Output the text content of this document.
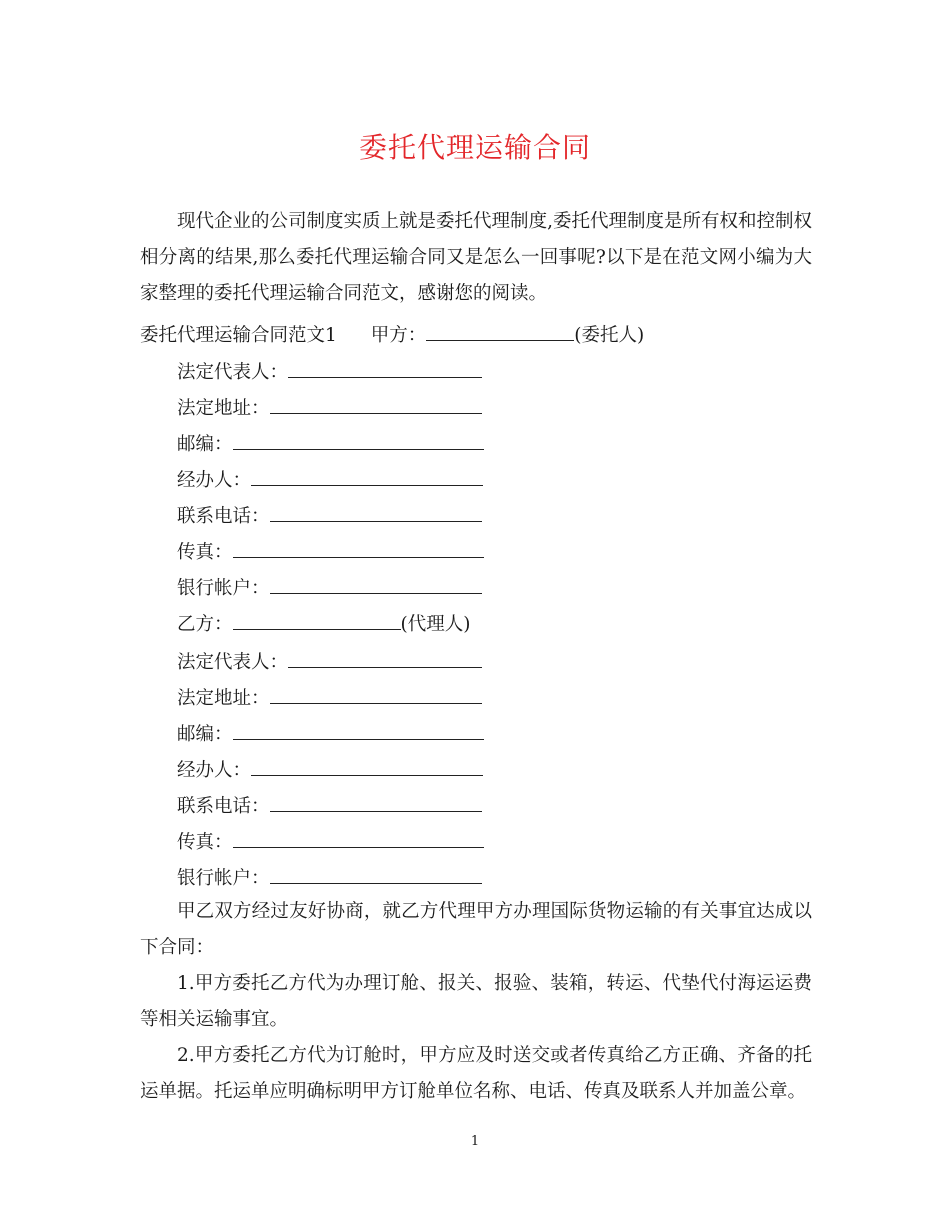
委托代理运输合同
现代企业的公司制度实质上就是委托代理制度,委托代理制度是所有权和控制权相分离的结果,那么委托代理运输合同又是怎么一回事呢?以下是在范文网小编为大家整理的委托代理运输合同范文，感谢您的阅读。
委托代理运输合同范文1 甲方：	(委托人)
法定代表人：
法定地址：
邮编：
经办人：
联系电话：
传真：
银行帐户：
乙方：	(代理人)
法定代表人：
法定地址：
邮编：
经办人：
联系电话：
传真：
银行帐户：
甲乙双方经过友好协商，就乙方代理甲方办理国际货物运输的有关事宜达成以下合同：
1.甲方委托乙方代为办理订舱、报关、报验、装箱，转运、代垫代付海运运费等相关运输事宜。
2.甲方委托乙方代为订舱时，甲方应及时送交或者传真给乙方正确、齐备的托运单据。托运单应明确标明甲方订舱单位名称、电话、传真及联系人并加盖公章。
1
